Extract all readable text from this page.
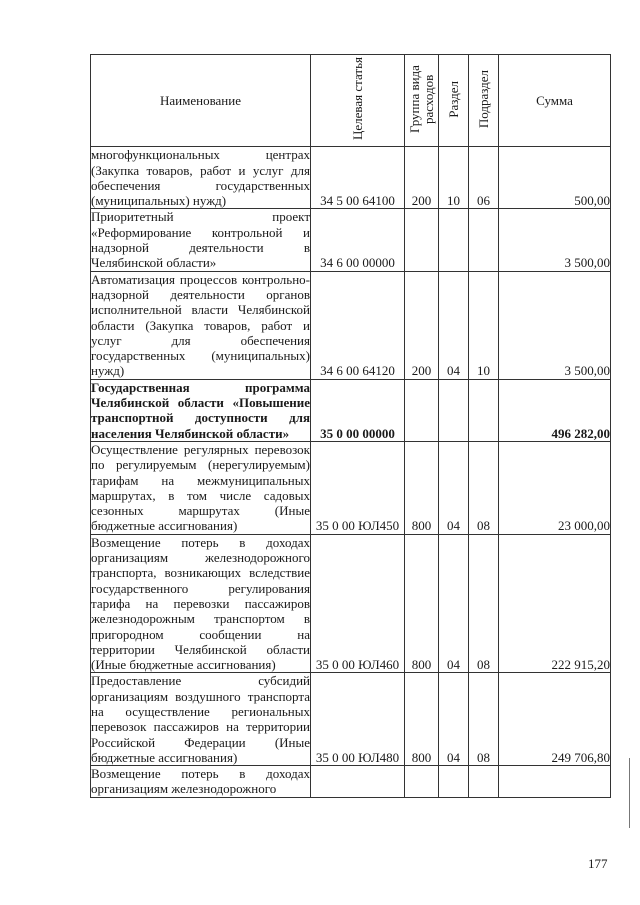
Наименование	Целевая статья	Группа вида расходов	Раздел	Подраздел	Сумма
многофункциональных центрах (Закупка товаров, работ и услуг для обеспечения государственных (муниципальных) нужд)	34 5 00 64100	200	10	06	500,00
Приоритетный проект «Реформирование контрольной и надзорной деятельности в Челябинской области»	34 6 00 00000				3 500,00
Автоматизация процессов контрольно-надзорной деятельности органов исполнительной власти Челябинской области (Закупка товаров, работ и услуг для обеспечения государственных (муниципальных) нужд)	34 6 00 64120	200	04	10	3 500,00
Государственная программа Челябинской области «Повышение транспортной доступности для населения Челябинской области»	35 0 00 00000				496 282,00
Осуществление регулярных перевозок по регулируемым (нерегулируемым) тарифам на межмуниципальных маршрутах, в том числе садовых сезонных маршрутах (Иные бюджетные ассигнования)	35 0 00 ЮЛ450	800	04	08	23 000,00
Возмещение потерь в доходах организациям железнодорожного транспорта, возникающих вследствие государственного регулирования тарифа на перевозки пассажиров железнодорожным транспортом в пригородном сообщении на территории Челябинской области (Иные бюджетные ассигнования)	35 0 00 ЮЛ460	800	04	08	222 915,20
Предоставление субсидий организациям воздушного транспорта на осуществление региональных перевозок пассажиров на территории Российской Федерации (Иные бюджетные ассигнования)	35 0 00 ЮЛ480	800	04	08	249 706,80
Возмещение потерь в доходах организациям железнодорожного					
177
